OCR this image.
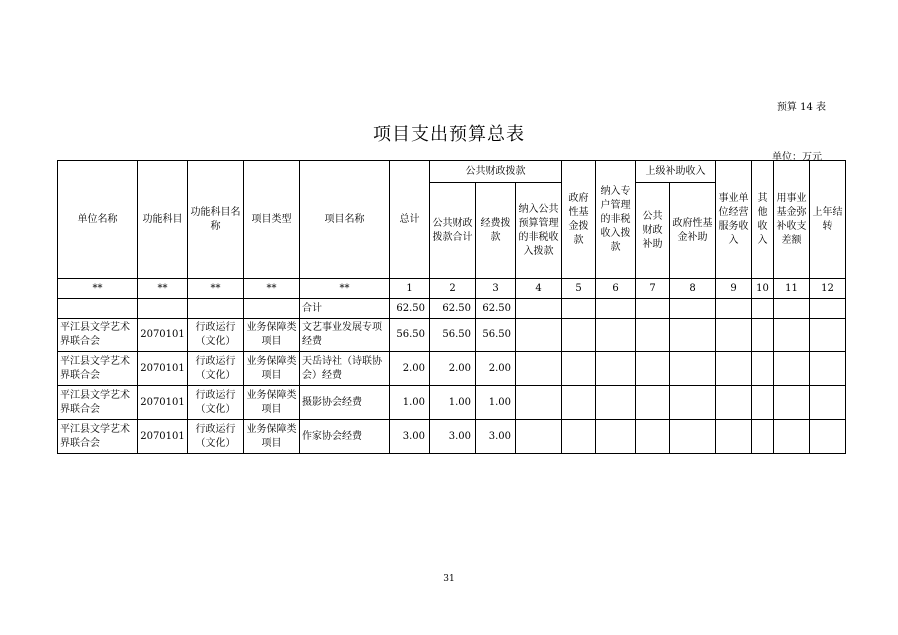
预算 14 表
项目支出预算总表
单位：万元
单位名称	功能科目	功能科目名称	项目类型	项目名称	总计	公共财政拨款			政府性基金拨款	纳入专户管理的非税收入拨款	上级补助收入		事业单位经营服务收入	其他收入	用事业基金弥补收支差额	上年结转
						公共财政拨款合计	经费拨款	纳入公共预算管理的非税收入拨款			公共财政补助	政府性基金补助				
**	**	**	**	**	1	2	3	4	5	6	7	8	9	10	11	12
				合计	62.50	62.50	62.50									
平江县文学艺术界联合会	2070101	行政运行（文化）	业务保障类项目	文艺事业发展专项经费	56.50	56.50	56.50									
平江县文学艺术界联合会	2070101	行政运行（文化）	业务保障类项目	天岳诗社（诗联协会）经费	2.00	2.00	2.00									
平江县文学艺术界联合会	2070101	行政运行（文化）	业务保障类项目	摄影协会经费	1.00	1.00	1.00									
平江县文学艺术界联合会	2070101	行政运行（文化）	业务保障类项目	作家协会经费	3.00	3.00	3.00									
31
